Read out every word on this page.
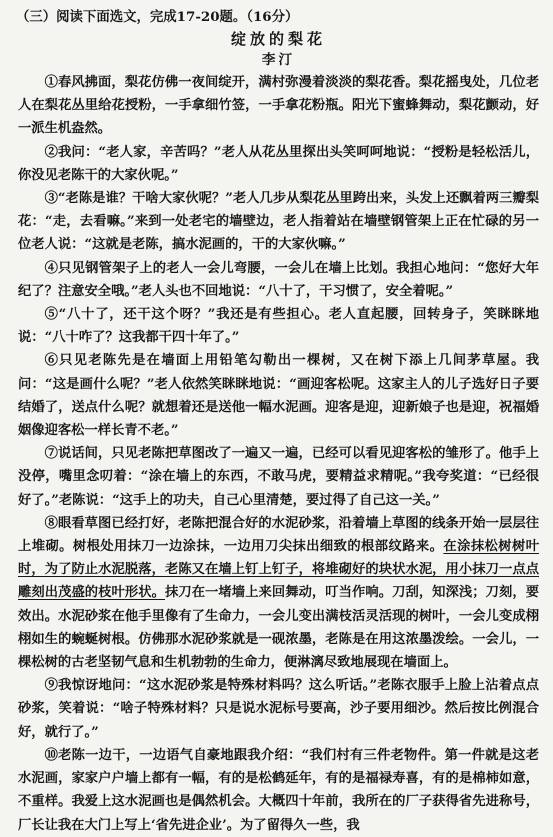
（三）阅读下面选文，完成17-20题。（16分）
绽放的梨花
李汀

①春风拂面，梨花仿佛一夜间绽开，满村弥漫着淡淡的梨花香。梨花摇曳处，几位老人在梨花丛里给花授粉，一手拿细竹签，一手拿花粉瓶。阳光下蜜蜂舞动，梨花颤动，好一派生机盎然。

②我问：“老人家，辛苦吗？”老人从花丛里探出头笑呵呵地说：“授粉是轻松活儿，你没见老陈干的大家伙呢。”

③“老陈是谁？干啥大家伙呢？”老人几步从梨花丛里跨出来，头发上还飘着两三瓣梨花：“走，去看嘛。”来到一处老宅的墙壁边，老人指着站在墙壁钢管架上正在忙碌的另一位老人说：“这就是老陈，搞水泥画的，干的大家伙嘛。”

④只见钢管架子上的老人一会儿弯腰，一会儿在墙上比划。我担心地问：“您好大年纪了？注意安全哦。”老人头也不回地说：“八十了，干习惯了，安全着呢。”

⑤“八十了，还干这个呀？”我还是有些担心。老人直起腰，回转身子，笑眯眯地说：“八十咋了？这我都干四十年了。”

⑥只见老陈先是在墙面上用铅笔勾勒出一棵树，又在树下添上几间茅草屋。我问：“这是画什么呢？”老人依然笑眯眯地说：“画迎客松呢。这家主人的儿子选好日子要结婚了，送点什么呢？就想着还是送他一幅水泥画。迎客是迎，迎新娘子也是迎，祝福婚姻像迎客松一样长青不老。”

⑦说话间，只见老陈把草图改了一遍又一遍，已经可以看见迎客松的雏形了。他手上没停，嘴里念叨着：“涂在墙上的东西，不敢马虎，要精益求精呢。”我夸奖道：“已经很好了。”老陈说：“这手上的功夫，自己心里清楚，要过得了自己这一关。”

⑧眼看草图已经打好，老陈把混合好的水泥砂浆，沿着墙上草图的线条开始一层层往上堆砌。树根处用抹刀一边涂抹，一边用刀尖抹出细致的根部纹路来。在涂抹松树树叶时，为了防止水泥脱落，老陈又在墙上钉上钉子，将堆砌好的块状水泥，用小抹刀一点点雕刻出茂盛的枝叶形状。抹刀在一堵墙上来回舞动，叮当作响。刀刮，知深浅；刀刻，要效出。水泥砂浆在他手里像有了生命力，一会儿变出满枝活灵活现的树叶，一会儿变成栩栩如生的蜿蜒树根。仿佛那水泥砂浆就是一砚浓墨，老陈是在用这浓墨泼绘。一会儿，一棵松树的古老坚韧气息和生机勃勃的生命力，便淋漓尽致地展现在墙面上。

⑨我惊讶地问：“这水泥砂浆是特殊材料吗？这么听话。”老陈衣服手上脸上沾着点点砂浆，笑着说：“啥子特殊材料？只是说水泥标号要高，沙子要用细沙。然后按比例混合好，就行了。”

⑩老陈一边干，一边语气自豪地跟我介绍：“我们村有三件老物件。第一件就是这老水泥画，家家户户墙上都有一幅，有的是松鹤延年，有的是福禄寿喜，有的是棉柿如意，不重样。我爱上这水泥画也是偶然机会。大概四十年前，我所在的厂子获得省先进称号，厂长让我在大门上写上‘省先进企业’。为了留得久一些，我
